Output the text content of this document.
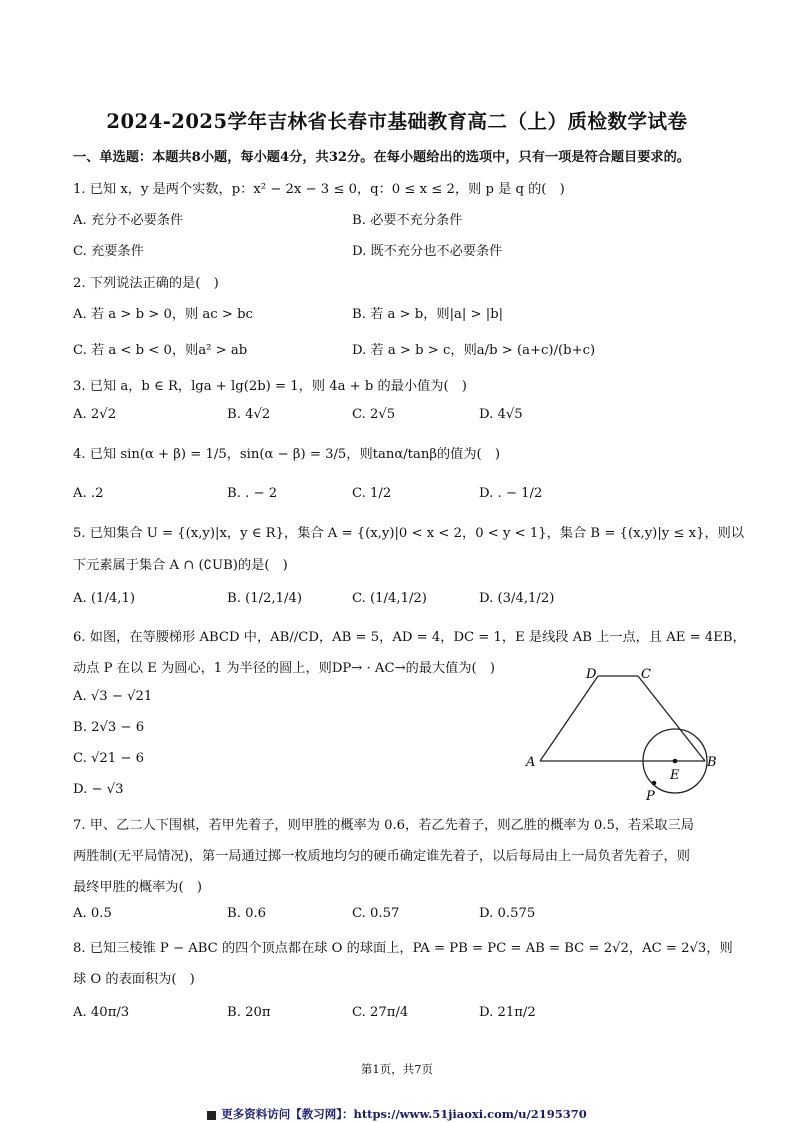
2024-2025学年吉林省长春市基础教育高二（上）质检数学试卷
一、单选题：本题共8小题，每小题4分，共32分。在每小题给出的选项中，只有一项是符合题目要求的。
1. 已知 x，y 是两个实数，p：x² − 2x − 3 ≤ 0，q：0 ≤ x ≤ 2，则 p 是 q 的(　)
A. 充分不必要条件	B. 必要不充分条件
C. 充要条件	D. 既不充分也不必要条件
2. 下列说法正确的是(　)
A. 若 a > b > 0，则 ac > bc	B. 若 a > b，则|a| > |b|
C. 若 a < b < 0，则a² > ab	D. 若 a > b > c，则a/b > (a+c)/(b+c)
3. 已知 a，b ∈ R，lga + lg(2b) = 1，则 4a + b 的最小值为(　)
A. 2√2	B. 4√2	C. 2√5	D. 4√5
4. 已知 sin(α + β) = 1/5，sin(α − β) = 3/5，则tanα/tanβ的值为(　)
A. .2	B. . − 2	C. 1/2	D. . − 1/2
5. 已知集合 U = {(x,y)|x，y ∈ R}，集合 A = {(x,y)|0 < x < 2，0 < y < 1}，集合 B = {(x,y)|y ≤ x}，则以
下元素属于集合 A ∩ (∁UB)的是(　)
A. (1/4,1)	B. (1/2,1/4)	C. (1/4,1/2)	D. (3/4,1/2)
6. 如图，在等腰梯形 ABCD 中，AB//CD，AB = 5，AD = 4，DC = 1，E 是线段 AB 上一点，且 AE = 4EB，
动点 P 在以 E 为圆心，1 为半径的圆上，则DP→ · AC→的最大值为(　)
A. √3 − √21
B. 2√3 − 6
C. √21 − 6
D. − √3
A	B
C
D
E
P
7. 甲、乙二人下围棋，若甲先着子，则甲胜的概率为 0.6，若乙先着子，则乙胜的概率为 0.5，若采取三局
两胜制(无平局情况)，第一局通过掷一枚质地均匀的硬币确定谁先着子，以后每局由上一局负者先着子，则
最终甲胜的概率为(　)
A. 0.5	B. 0.6	C. 0.57	D. 0.575
8. 已知三棱锥 P − ABC 的四个顶点都在球 O 的球面上，PA = PB = PC = AB = BC = 2√2，AC = 2√3，则
球 O 的表面积为(　)
A. 40π/3	B. 20π	C. 27π/4	D. 21π/2
第1页，共7页
更多资料访问【教习网】：https://www.51jiaoxi.com/u/2195370
